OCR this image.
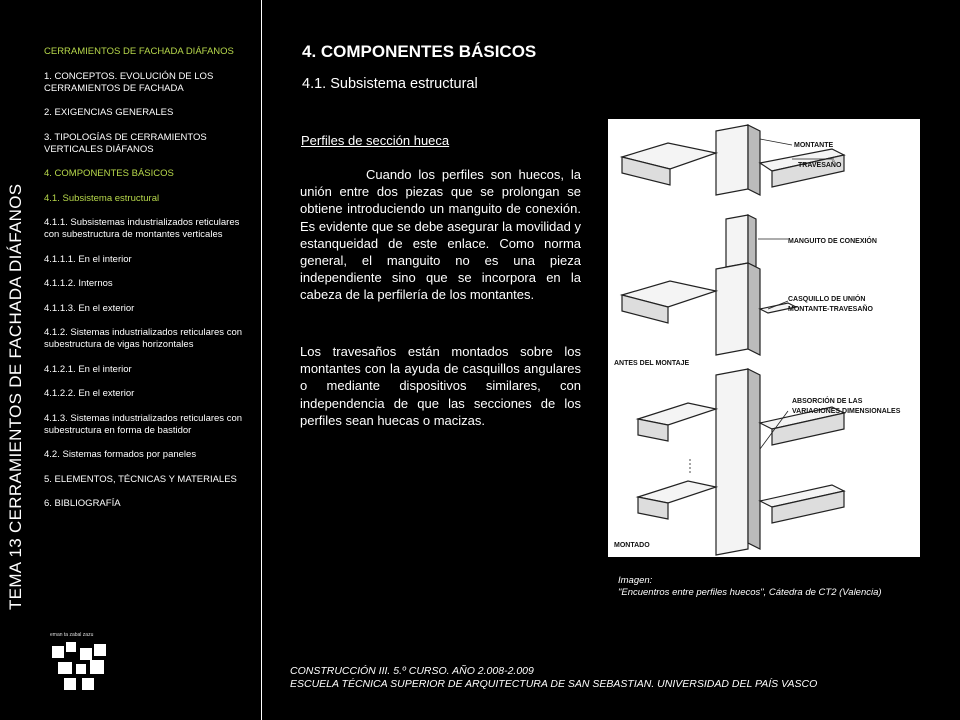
TEMA 13 CERRAMIENTOS DE FACHADA DIÁFANOS
CERRAMIENTOS DE FACHADA DIÁFANOS
1. CONCEPTOS. EVOLUCIÓN DE LOS CERRAMIENTOS DE FACHADA
2. EXIGENCIAS GENERALES
3. TIPOLOGÍAS DE CERRAMIENTOS VERTICALES DIÁFANOS
4. COMPONENTES BÁSICOS
4.1. Subsistema estructural
4.1.1. Subsistemas industrializados reticulares con subestructura de montantes verticales
4.1.1.1. En el interior
4.1.1.2. Internos
4.1.1.3. En el exterior
4.1.2. Sistemas industrializados reticulares con subestructura de vigas horizontales
4.1.2.1. En el interior
4.1.2.2. En el exterior
4.1.3. Sistemas industrializados reticulares con subestructura en forma de bastidor
4.2. Sistemas formados por paneles
5. ELEMENTOS, TÉCNICAS Y MATERIALES
6. BIBLIOGRAFÍA
eman ta zabal zazu
4. COMPONENTES BÁSICOS
4.1. Subsistema estructural
Perfiles de sección hueca
Cuando los perfiles son huecos, la unión entre dos piezas que se prolongan se obtiene introduciendo un manguito de conexión. Es evidente que se debe asegurar la movilidad y estanqueidad de este enlace. Como norma general, el manguito no es una pieza independiente sino que se incorpora en la cabeza de la perfilería de los montantes.
Los travesaños están montados sobre los montantes con la ayuda de casquillos angulares o mediante dispositivos similares, con independencia de que las secciones de los perfiles sean huecas o macizas.
MONTANTE
TRAVESAÑO
MANGUITO DE CONEXIÓN
CASQUILLO DE UNIÓN
MONTANTE-TRAVESAÑO
ANTES DEL MONTAJE
ABSORCIÓN DE LAS
VARIACIONES DIMENSIONALES
MONTADO
Imagen:
"Encuentros entre perfiles huecos", Cátedra de CT2 (Valencia)
CONSTRUCCIÓN III. 5.º CURSO. AÑO 2.008-2.009
ESCUELA TÉCNICA SUPERIOR DE ARQUITECTURA DE SAN SEBASTIAN. UNIVERSIDAD DEL PAÍS VASCO
